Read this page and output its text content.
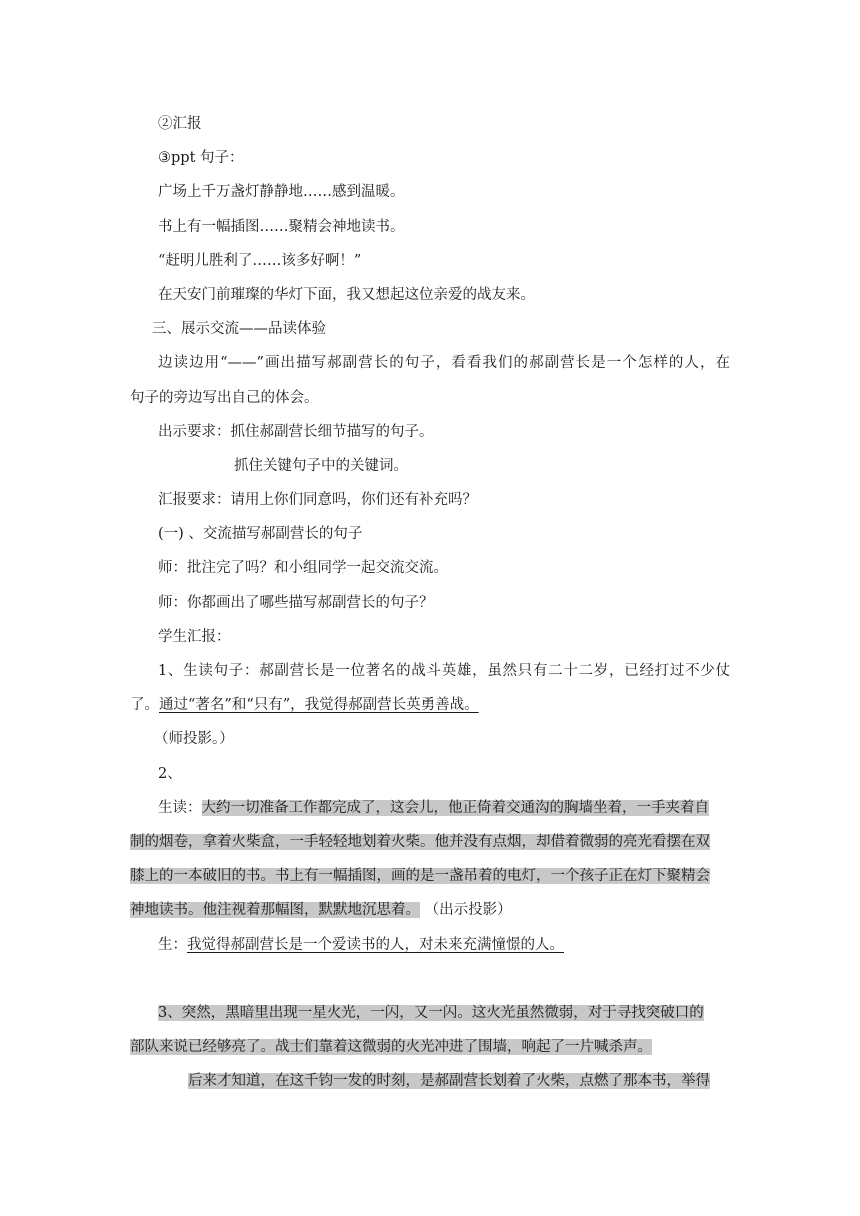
②汇报
③ppt 句子：
广场上千万盏灯静静地……感到温暖。
书上有一幅插图……聚精会神地读书。
“赶明儿胜利了……该多好啊！”
在天安门前璀璨的华灯下面，我又想起这位亲爱的战友来。
三、展示交流——品读体验
边读边用“——”画出描写郝副营长的句子，看看我们的郝副营长是一个怎样的人，在
句子的旁边写出自己的体会。
出示要求：抓住郝副营长细节描写的句子。
抓住关键句子中的关键词。
汇报要求：请用上你们同意吗，你们还有补充吗？
(一) 、交流描写郝副营长的句子
师：批注完了吗？和小组同学一起交流交流。
师：你都画出了哪些描写郝副营长的句子？
学生汇报：
1、生读句子：郝副营长是一位著名的战斗英雄，虽然只有二十二岁，已经打过不少仗
了。通过“著名”和“只有”，我觉得郝副营长英勇善战。
（师投影。）
2、
生读：大约一切准备工作都完成了，这会儿，他正倚着交通沟的胸墙坐着，一手夹着自
制的烟卷，拿着火柴盒，一手轻轻地划着火柴。他并没有点烟，却借着微弱的亮光看摆在双
膝上的一本破旧的书。书上有一幅插图，画的是一盏吊着的电灯，一个孩子正在灯下聚精会
神地读书。他注视着那幅图，默默地沉思着。 （出示投影）
生：我觉得郝副营长是一个爱读书的人，对未来充满憧憬的人。
3、突然，黑暗里出现一星火光，一闪，又一闪。这火光虽然微弱，对于寻找突破口的
部队来说已经够亮了。战士们靠着这微弱的火光冲进了围墙，响起了一片喊杀声。
后来才知道，在这千钧一发的时刻，是郝副营长划着了火柴，点燃了那本书，举得
